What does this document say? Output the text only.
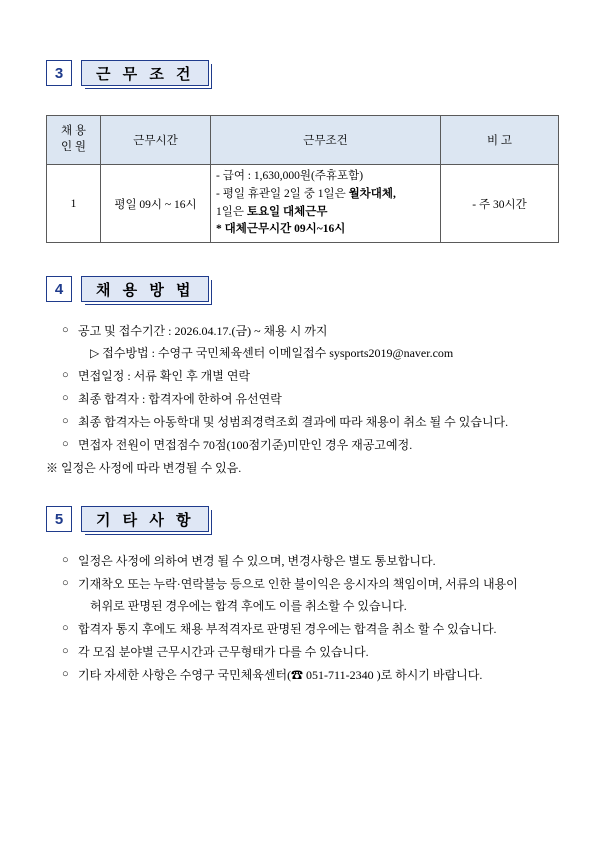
3	근 무 조 건
채 용
인 원	근무시간	근무조건	비 고
1	평일 09시 ~ 16시	- 급여 : 1,630,000원(주휴포함)
- 평일 휴관일 2일 중 1일은 월차대체,
1일은 토요일 대체근무
* 대체근무시간 09시~16시	- 주 30시간
4	채 용 방 법
○ 공고 및 접수기간 : 2026.04.17.(금) ~ 채용 시 까지
▷ 접수방법 : 수영구 국민체육센터 이메일접수 sysports2019@naver.com
○ 면접일정 : 서류 확인 후 개별 연락
○ 최종 합격자 : 합격자에 한하여 유선연락
○ 최종 합격자는 아동학대 및 성범죄경력조회 결과에 따라 채용이 취소 될 수 있습니다.
○ 면접자 전원이 면접점수 70점(100점기준)미만인 경우 재공고예정.
※ 일정은 사정에 따라 변경될 수 있음.
5	기 타 사 항
○ 일정은 사정에 의하여 변경 될 수 있으며, 변경사항은 별도 통보합니다.
○ 기재착오 또는 누락·연락불능 등으로 인한 불이익은 응시자의 책임이며, 서류의 내용이
허위로 판명된 경우에는 합격 후에도 이를 취소할 수 있습니다.
○ 합격자 통지 후에도 채용 부적격자로 판명된 경우에는 합격을 취소 할 수 있습니다.
○ 각 모집 분야별 근무시간과 근무형태가 다를 수 있습니다.
○ 기타 자세한 사항은 수영구 국민체육센터(☎ 051-711-2340 )로 하시기 바랍니다.
